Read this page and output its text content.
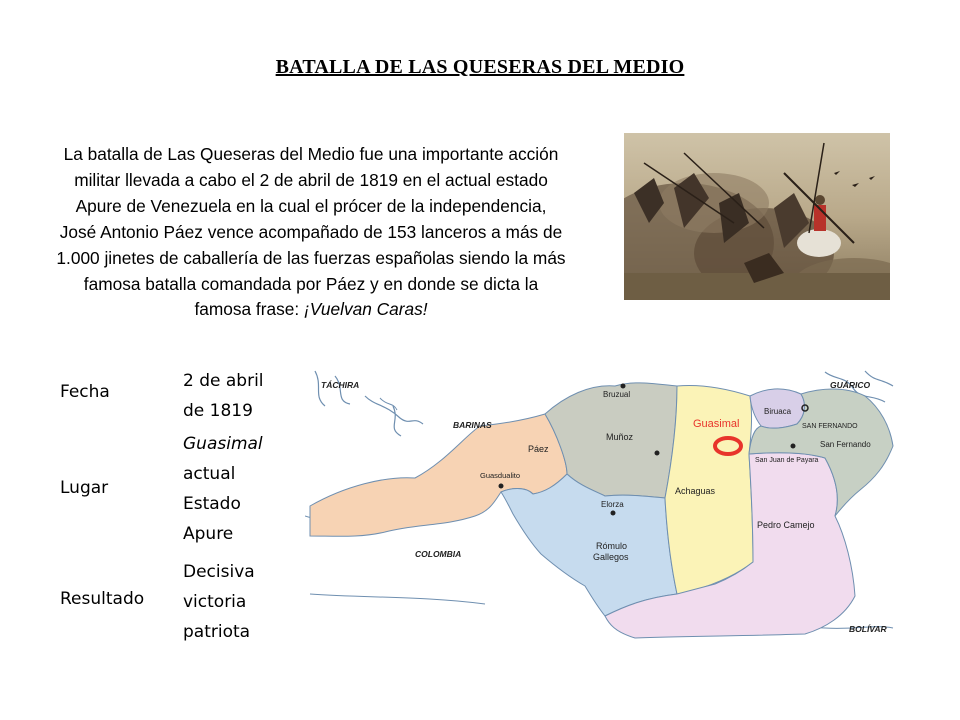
BATALLA DE LAS QUESERAS DEL MEDIO
La batalla de Las Queseras del Medio fue una importante acción militar llevada a cabo el 2 de abril de 1819 en el actual estado Apure de Venezuela en la cual el prócer de la independencia, José Antonio Páez vence acompañado de 153 lanceros a más de 1.000 jinetes de caballería de las fuerzas españolas siendo la más famosa batalla comandada por Páez y en donde se dicta la famosa frase: ¡Vuelvan Caras!
Fecha
2 de abril
de 1819
Lugar
Guasimal
actual
Estado
Apure
Resultado
Decisiva
victoria
patriota
TÁCHIRA
BARINAS
GUÁRICO
COLOMBIA
BOLÍVAR
Bruzual
Páez
Muñoz
Guasdualito
Elorza
Rómulo
Gallegos
Achaguas
Guasimal
Biruaca
SAN FERNANDO
San Fernando
San Juan de Payara
Pedro Camejo
